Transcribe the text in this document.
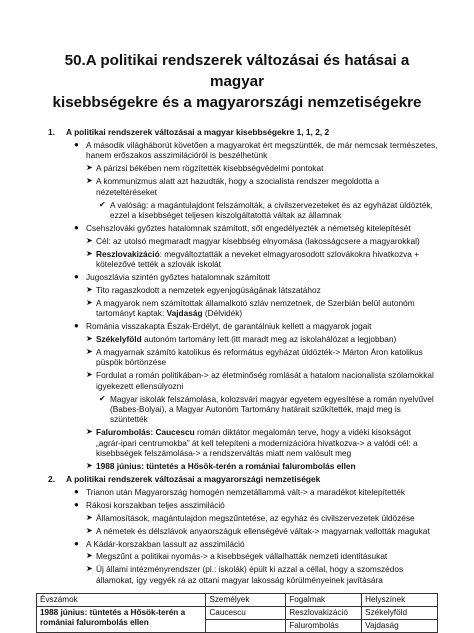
50.A politikai rendszerek változásai és hatásai a magyar
kisebbségekre és a magyarországi nemzetiségekre
1. A politikai rendszerek változásai a magyar kisebbségekre 1, 1, 2, 2
● A második világháborút követően a magyarokat ért megszüntték, de már nemcsak természetes, hanem erőszakos asszimilációról is beszélhetünk
➤ A párizsi békében nem rögzítették kisebbségvédelmi pontokat
➤ A kommunizmus alatt azt hazudták, hogy a szocialista rendszer megoldotta a nézeteltéréseket
✔ A valóság: a magántulajdont felszámolták, a civilszervezeteket és az egyházat üldözték, ezzel a kisebbséget teljesen kiszolgáltatottá váltak az államnak
● Csehszlováki győztes hatalomnak számított, sőt engedélyezték a németség kitelepítését
➤ Cél: az utolsó megmaradt magyar kisebbség elnyomása (lakosságcsere a magyarokkal)
➤ Reszlovakizáció: megváltoztatták a neveket elmagyarosodott szlovákokra hivatkozva + kötelezővé tették a szlovák iskolát
● Jugoszlávia szintén győztes hatalomnak számított
➤ Tito ragaszkodott a nemzetek egyenjogúságának látszatához
➤ A magyarok nem számítottak államalkotó szláv nemzetnek, de Szerbián belül autonóm tartományt kaptak: Vajdaság (Délvidék)
● Románia visszakapta Észak-Erdélyt, de garantálniuk kellett a magyarok jogait
➤ Székelyföld autonóm tartomány lett (itt maradt meg az iskolahálózat a legjobban)
➤ A magyarnak számító katolikus és református egyházat üldözték-> Márton Áron katolikus püspök börtönzése
➤ Fordulat a román politikában-> az életminőség romlását a hatalom nacionalista szólamokkal igyekezett ellensúlyozni
✔ Magyar iskolák felszámolása, kolozsvári magyar egyetem egyesítése a román nyelvűvel (Babes-Bolyai), a Magyar Autonóm Tartomány határait szűkítették, majd meg is szüntették
➤ Falurombolás: Caucescu román diktátor megalomán terve, hogy a vidéki kisokságot „agrár-ipari centrumokba” át kell telepíteni a modernizációra hivatkozva-> a valódi cél: a kisebbségek felszámolása-> a rendszerváltás miatt nem valósult meg
➤ 1988 június: tüntetés a Hősök-terén a romániai falurombolás ellen
2. A politikai rendszerek változásai a magyarországi nemzetiségek
● Trianon után Magyarország homogén nemzetállammá vált-> a maradékot kitelepítették
● Rákosi korszakban teljes asszimiláció
➤ Államosítások, magántulajdon megszűntetése, az egyház és civilszervezetek üldözése
➤ A németek és délszlávok anyaországuk ellenségévé váltak-> magyarnak vallották magukat
● A Kádár-korszakban lassult az asszimiláció
➤ Megszűnt a politikai nyomás-> a kisebbségek vállalhatták nemzeti identitásukat
➤ Új állami intézményrendszer (pl.: iskolák) épült ki azzal a céllal, hogy a szomszédos államokat, így vegyék rá az ottani magyar lakosság körülményeinek javítására
Évszámok	Személyek	Fogalmak	Helyszínek
1988 június: tüntetés a Hősök-terén a romániai falurombolás ellen	Caucescu	Reszlovakizáció	Székelyföld
		Falurombolás	Vajdaság
